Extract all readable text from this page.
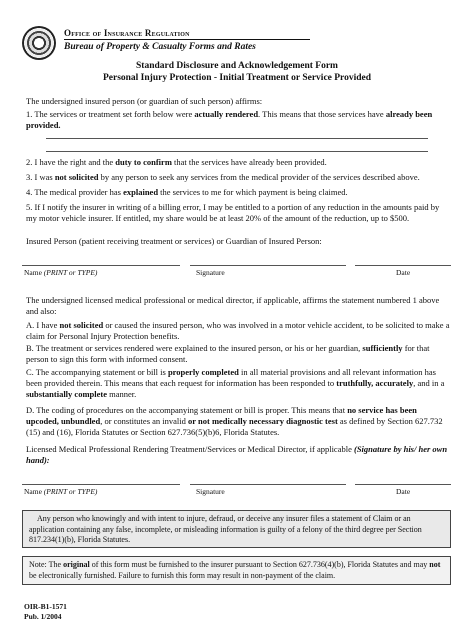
Office of Insurance Regulation
Bureau of Property & Casualty Forms and Rates
Standard Disclosure and Acknowledgement Form
Personal Injury Protection - Initial Treatment or Service Provided
The undersigned insured person (or guardian of such person) affirms:
1. The services or treatment set forth below were actually rendered. This means that those services have already been provided.
2. I have the right and the duty to confirm that the services have already been provided.
3. I was not solicited by any person to seek any services from the medical provider of the services described above.
4. The medical provider has explained the services to me for which payment is being claimed.
5. If I notify the insurer in writing of a billing error, I may be entitled to a portion of any reduction in the amounts paid by my motor vehicle insurer. If entitled, my share would be at least 20% of the amount of the reduction, up to $500.
Insured Person (patient receiving treatment or services) or Guardian of Insured Person:
Name (PRINT or TYPE)	Signature	Date
The undersigned licensed medical professional or medical director, if applicable, affirms the statement numbered 1 above and also:
A. I have not solicited or caused the insured person, who was involved in a motor vehicle accident, to be solicited to make a claim for Personal Injury Protection benefits.
B. The treatment or services rendered were explained to the insured person, or his or her guardian, sufficiently for that person to sign this form with informed consent.
C. The accompanying statement or bill is properly completed in all material provisions and all relevant information has been provided therein. This means that each request for information has been responded to truthfully, accurately, and in a substantially complete manner.
D. The coding of procedures on the accompanying statement or bill is proper. This means that no service has been upcoded, unbundled, or constitutes an invalid or not medically necessary diagnostic test as defined by Section 627.732 (15) and (16), Florida Statutes or Section 627.736(5)(b)6, Florida Statutes.
Licensed Medical Professional Rendering Treatment/Services or Medical Director, if applicable (Signature by his/ her own hand):
Name (PRINT or TYPE)	Signature	Date
Any person who knowingly and with intent to injure, defraud, or deceive any insurer files a statement of Claim or an application containing any false, incomplete, or misleading information is guilty of a felony of the third degree per Section 817.234(1)(b), Florida Statutes.
Note: The original of this form must be furnished to the insurer pursuant to Section 627.736(4)(b), Florida Statutes and may not be electronically furnished. Failure to furnish this form may result in non-payment of the claim.
OIR-B1-1571
Pub. 1/2004
